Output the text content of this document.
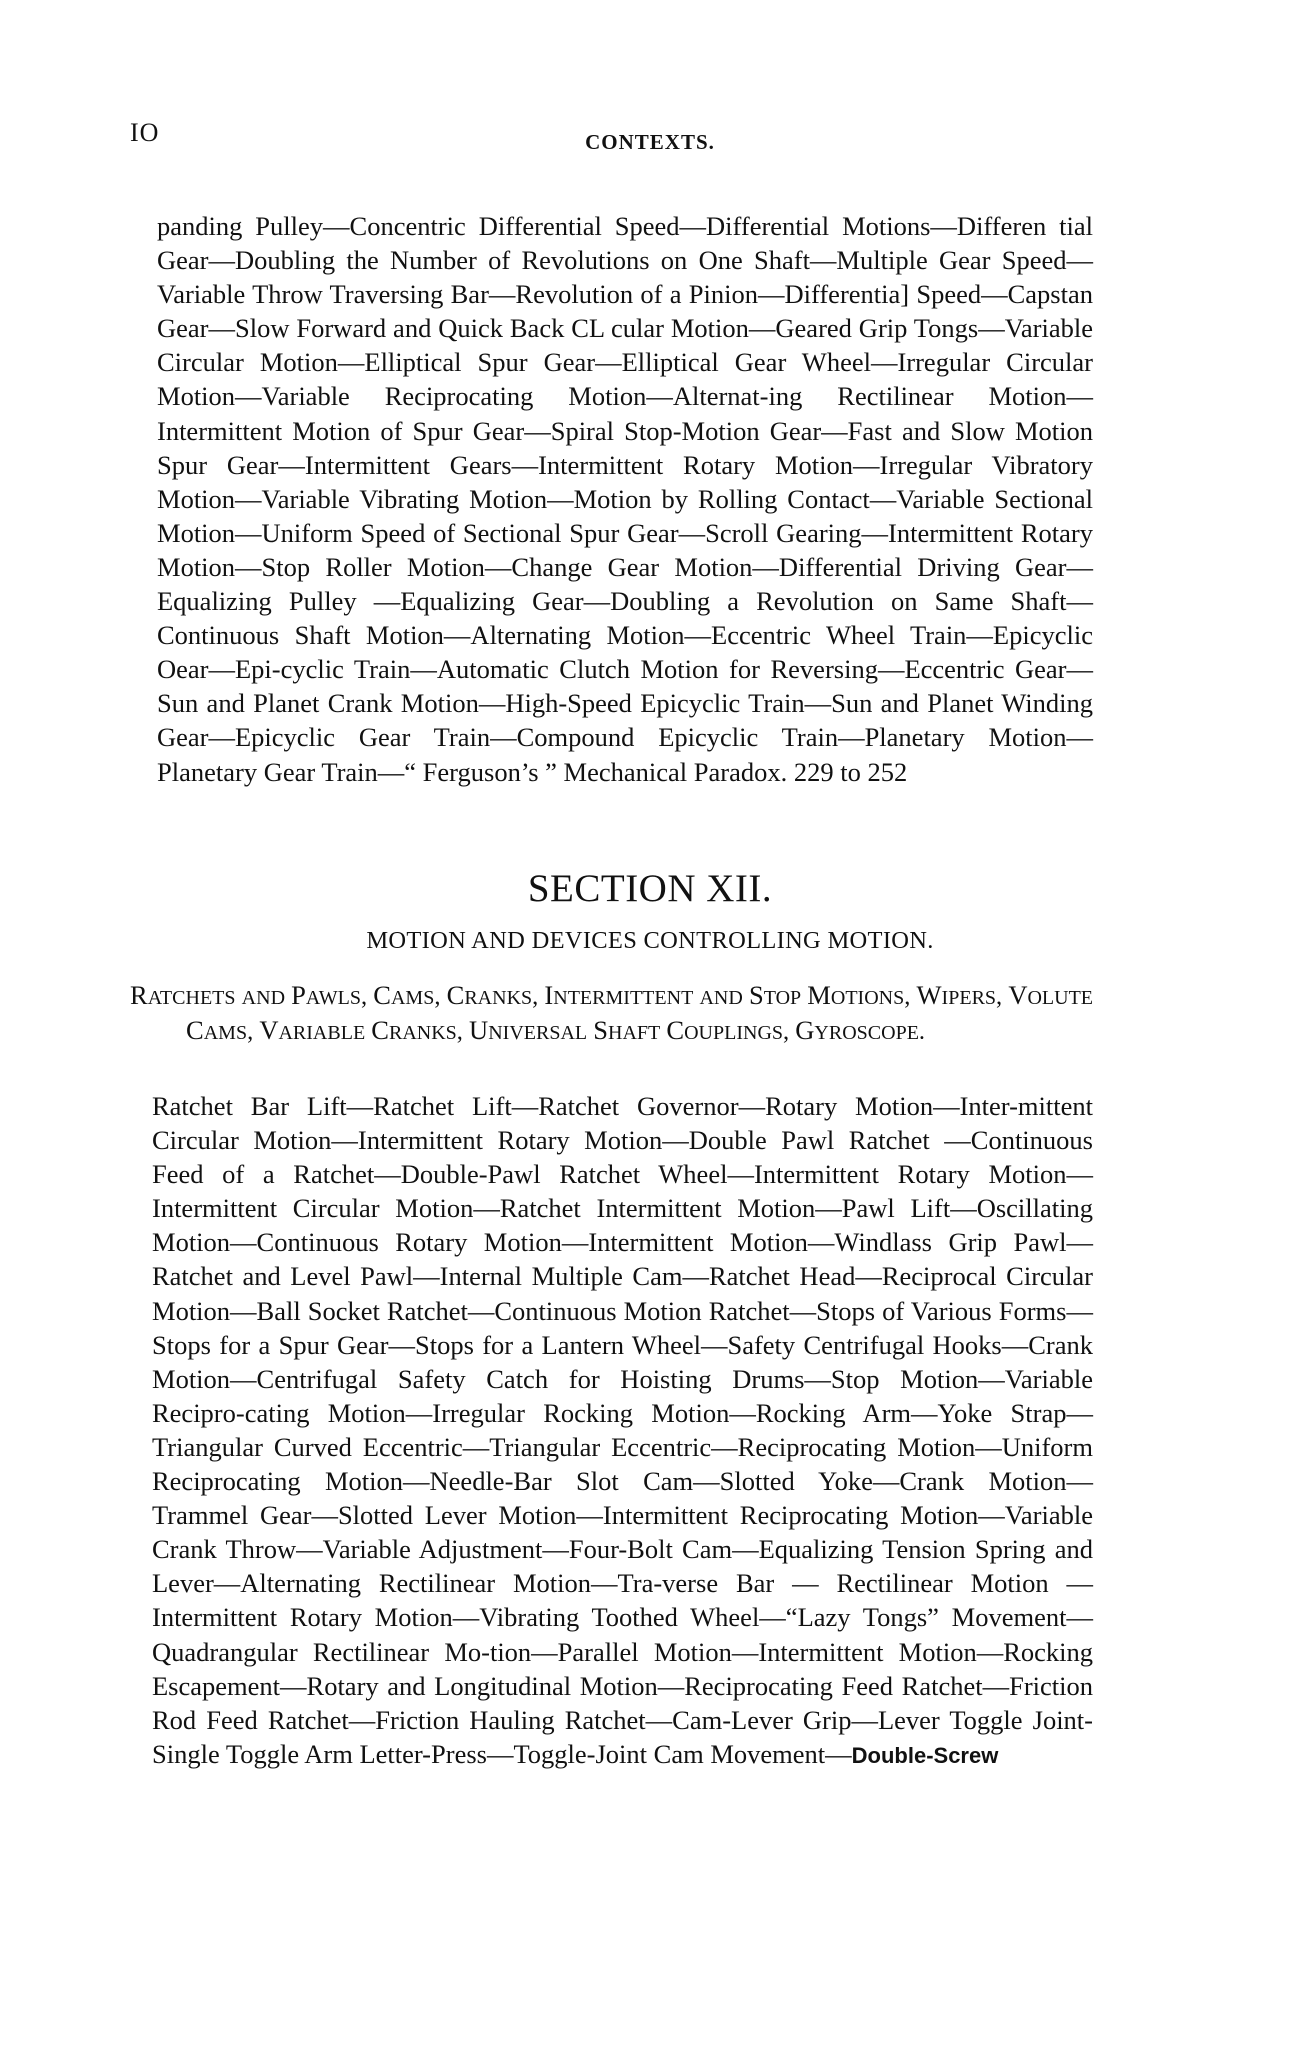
IO	CONTEXTS.

panding Pulley—Concentric Differential Speed—Differential Motions—Differen tial Gear—Doubling the Number of Revolutions on One Shaft—Multiple Gear Speed—Variable Throw Traversing Bar—Revolution of a Pinion—Differentia] Speed—Capstan Gear—Slow Forward and Quick Back CL cular Motion—Geared Grip Tongs—Variable Circular Motion—Elliptical Spur Gear—Elliptical Gear Wheel—Irregular Circular Motion—Variable Reciprocating Motion—Alternat-ing Rectilinear Motion—Intermittent Motion of Spur Gear—Spiral Stop-Motion Gear—Fast and Slow Motion Spur Gear—Intermittent Gears—Intermittent Rotary Motion—Irregular Vibratory Motion—Variable Vibrating Motion—Motion by Rolling Contact—Variable Sectional Motion—Uniform Speed of Sectional Spur Gear—Scroll Gearing—Intermittent Rotary Motion—Stop Roller Motion—Change Gear Motion—Differential Driving Gear—Equalizing Pulley —Equalizing Gear—Doubling a Revolution on Same Shaft—Continuous Shaft Motion—Alternating Motion—Eccentric Wheel Train—Epicyclic Oear—Epi-cyclic Train—Automatic Clutch Motion for Reversing—Eccentric Gear—Sun and Planet Crank Motion—High-Speed Epicyclic Train—Sun and Planet Winding Gear—Epicyclic Gear Train—Compound Epicyclic Train—Planetary Motion—Planetary Gear Train—“ Ferguson’s ” Mechanical Paradox. 229 to 252

SECTION XII.
MOTION AND DEVICES CONTROLLING MOTION.

RATCHETS AND PAWLS, CAMS, CRANKS, INTERMITTENT AND STOP MOTIONS, WIPERS, VOLUTE CAMS, VARIABLE CRANKS, UNIVERSAL SHAFT COUPLINGS, GYROSCOPE.

Ratchet Bar Lift—Ratchet Lift—Ratchet Governor—Rotary Motion—Inter-mittent Circular Motion—Intermittent Rotary Motion—Double Pawl Ratchet —Continuous Feed of a Ratchet—Double-Pawl Ratchet Wheel—Intermittent Rotary Motion—Intermittent Circular Motion—Ratchet Intermittent Motion—Pawl Lift—Oscillating Motion—Continuous Rotary Motion—Intermittent Motion—Windlass Grip Pawl—Ratchet and Level Pawl—Internal Multiple Cam—Ratchet Head—Reciprocal Circular Motion—Ball Socket Ratchet—Continuous Motion Ratchet—Stops of Various Forms—Stops for a Spur Gear—Stops for a Lantern Wheel—Safety Centrifugal Hooks—Crank Motion—Centrifugal Safety Catch for Hoisting Drums—Stop Motion—Variable Recipro-cating Motion—Irregular Rocking Motion—Rocking Arm—Yoke Strap—Triangular Curved Eccentric—Triangular Eccentric—Reciprocating Motion—Uniform Reciprocating Motion—Needle-Bar Slot Cam—Slotted Yoke—Crank Motion—Trammel Gear—Slotted Lever Motion—Intermittent Reciprocating Motion—Variable Crank Throw—Variable Adjustment—Four-Bolt Cam—Equalizing Tension Spring and Lever—Alternating Rectilinear Motion—Tra-verse Bar — Rectilinear Motion — Intermittent Rotary Motion—Vibrating Toothed Wheel—“Lazy Tongs” Movement—Quadrangular Rectilinear Mo-tion—Parallel Motion—Intermittent Motion—Rocking Escapement—Rotary and Longitudinal Motion—Reciprocating Feed Ratchet—Friction Rod Feed Ratchet—Friction Hauling Ratchet—Cam-Lever Grip—Lever Toggle Joint-Single Toggle Arm Letter-Press—Toggle-Joint Cam Movement—Double-Screw
